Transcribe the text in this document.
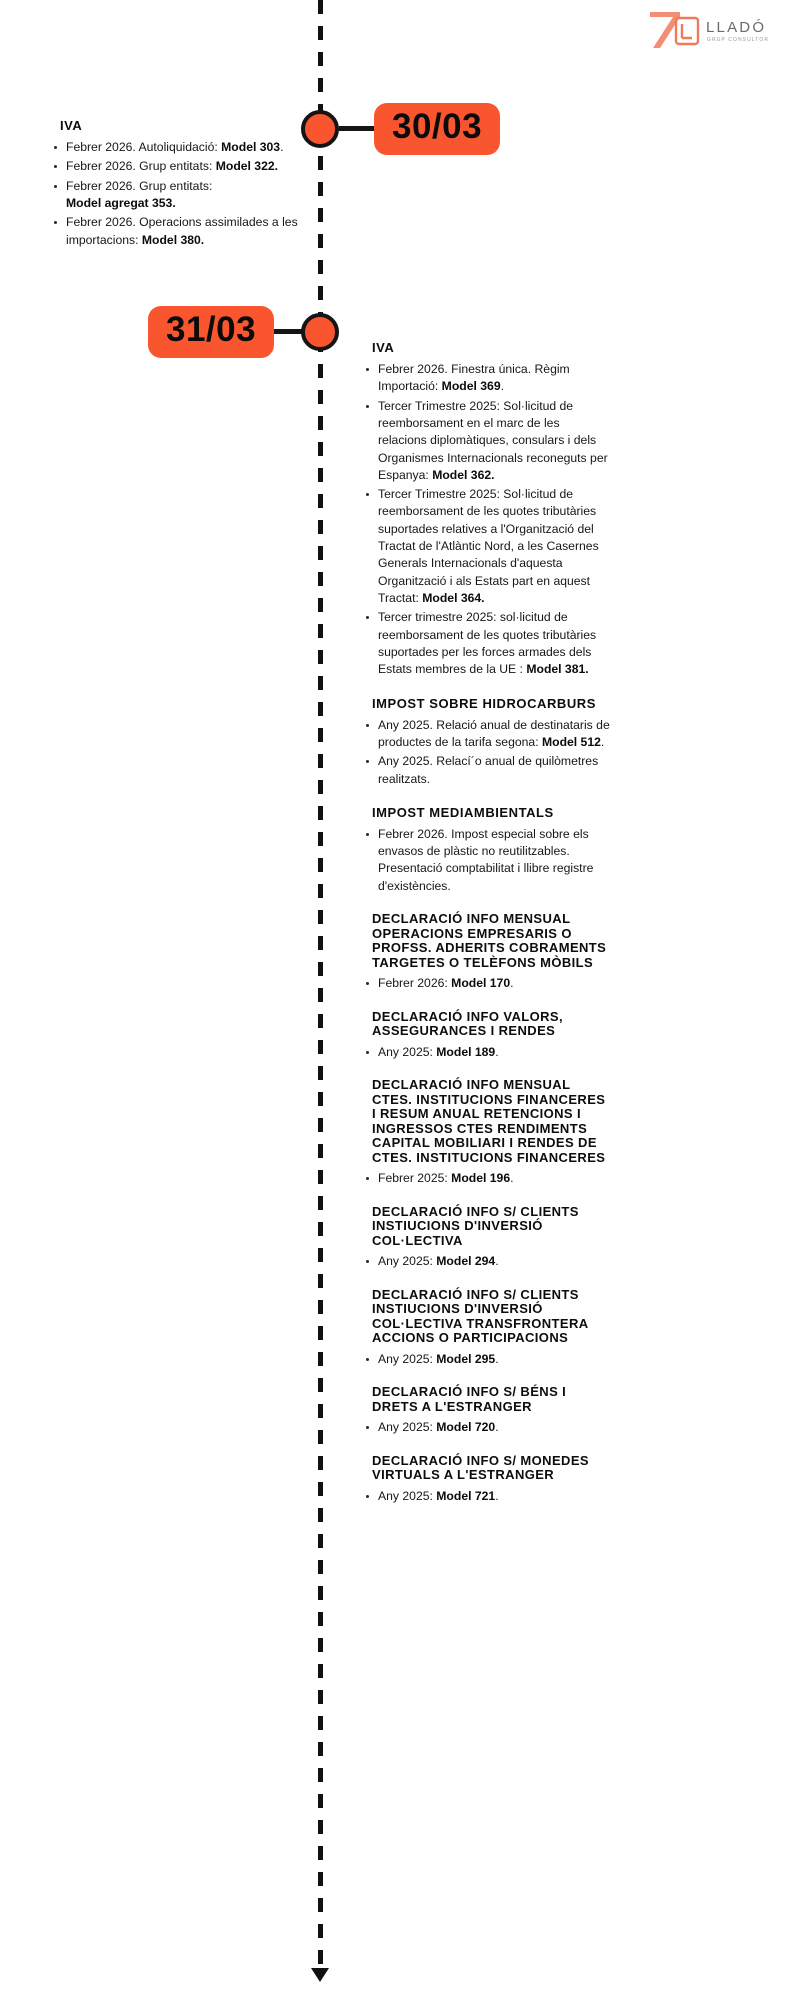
LLADÓ
GRUP CONSULTOR
30/03
IVA
Febrer 2026. Autoliquidació: Model 303.
Febrer 2026. Grup entitats: Model 322.
Febrer 2026. Grup entitats:
Model agregat 353.
Febrer 2026. Operacions assimilades a les importacions: Model 380.
31/03	IVA
Febrer 2026. Finestra única. Règim Importació: Model 369.
Tercer Trimestre 2025: Sol·licitud de reemborsament en el marc de les relacions diplomàtiques, consulars i dels Organismes Internacionals reconeguts per Espanya: Model 362.
Tercer Trimestre 2025: Sol·licitud de reemborsament de les quotes tributàries suportades relatives a l'Organització del Tractat de l'Atlàntic Nord, a les Casernes Generals Internacionals d'aquesta Organització i als Estats part en aquest Tractat: Model 364.
Tercer trimestre 2025: sol·licitud de reemborsament de les quotes tributàries suportades per les forces armades dels Estats membres de la UE : Model 381.
IMPOST SOBRE HIDROCARBURS
Any 2025. Relació anual de destinataris de productes de la tarifa segona: Model 512.
Any 2025. Relací´o anual de quilòmetres realitzats.
IMPOST MEDIAMBIENTALS
Febrer 2026. Impost especial sobre els envasos de plàstic no reutilitzables. Presentació comptabilitat i llibre registre d'existències.
DECLARACIÓ INFO MENSUAL OPERACIONS EMPRESARIS O PROFSS. ADHERITS COBRAMENTS TARGETES O TELÈFONS MÒBILS
Febrer 2026: Model 170.
DECLARACIÓ INFO VALORS, ASSEGURANCES I RENDES
Any 2025: Model 189.
DECLARACIÓ INFO MENSUAL CTES. INSTITUCIONS FINANCERES I RESUM ANUAL RETENCIONS I INGRESSOS CTES RENDIMENTS CAPITAL MOBILIARI I RENDES DE CTES. INSTITUCIONS FINANCERES
Febrer 2025: Model 196.
DECLARACIÓ INFO S/ CLIENTS INSTIUCIONS D'INVERSIÓ COL·LECTIVA
Any 2025: Model 294.
DECLARACIÓ INFO S/ CLIENTS INSTIUCIONS D'INVERSIÓ COL·LECTIVA TRANSFRONTERA ACCIONS O PARTICIPACIONS
Any 2025: Model 295.
DECLARACIÓ INFO S/ BÉNS I DRETS A L'ESTRANGER
Any 2025: Model 720.
DECLARACIÓ INFO S/ MONEDES VIRTUALS A L'ESTRANGER
Any 2025: Model 721.
